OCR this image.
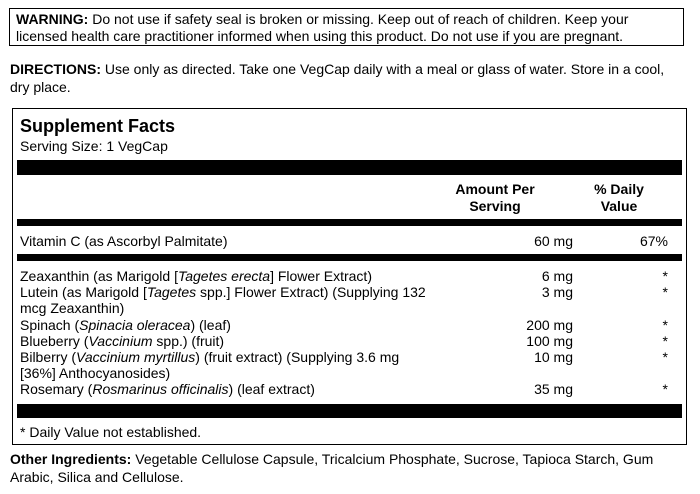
WARNING: Do not use if safety seal is broken or missing. Keep out of reach of children. Keep your licensed health care practitioner informed when using this product. Do not use if you are pregnant.
DIRECTIONS: Use only as directed. Take one VegCap daily with a meal or glass of water. Store in a cool, dry place.
Supplement Facts
Serving Size: 1 VegCap
Amount Per
Serving
% Daily
Value
Vitamin C (as Ascorbyl Palmitate)	60 mg	67%
Zeaxanthin (as Marigold [Tagetes erecta] Flower Extract)	6 mg	*
Lutein (as Marigold [Tagetes spp.] Flower Extract) (Supplying 132	3 mg	*
mcg Zeaxanthin)
Spinach (Spinacia oleracea) (leaf)	200 mg	*
Blueberry (Vaccinium spp.) (fruit)	100 mg	*
Bilberry (Vaccinium myrtillus) (fruit extract) (Supplying 3.6 mg	10 mg	*
[36%] Anthocyanosides)
Rosemary (Rosmarinus officinalis) (leaf extract)	35 mg	*
* Daily Value not established.
Other Ingredients: Vegetable Cellulose Capsule, Tricalcium Phosphate, Sucrose, Tapioca Starch, Gum Arabic, Silica and Cellulose.
